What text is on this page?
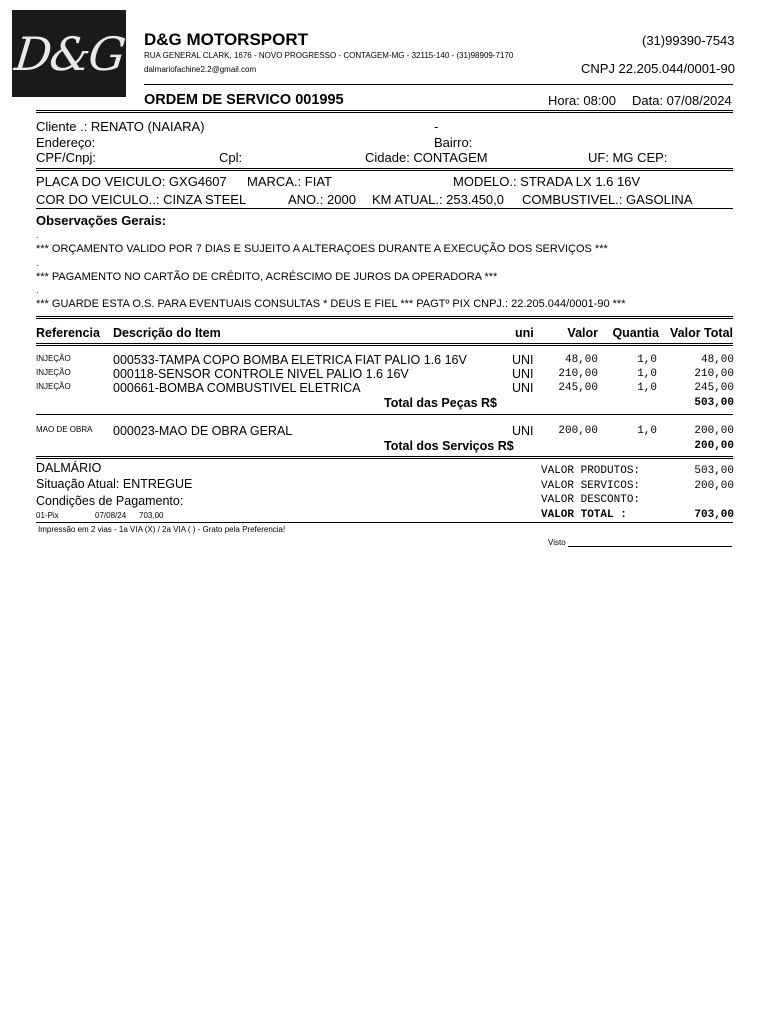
D&G D&G MOTORSPORT
RUA GENERAL CLARK, 1676 - NOVO PROGRESSO - CONTAGEM-MG - 32115-140 - (31)98909-7170
dalmariofachine2.2@gmail.com
(31)99390-7543
CNPJ 22.205.044/0001-90
ORDEM DE SERVICO 001995	Hora: 08:00 Data: 07/08/2024
Cliente .: RENATO (NAIARA)	-
Endereço:	Bairro:
CPF/Cnpj:	Cpl:	Cidade: CONTAGEM	UF: MG CEP:
PLACA DO VEICULO: GXG4607 MARCA.: FIAT	MODELO.: STRADA LX 1.6 16V
COR DO VEICULO..: CINZA STEEL	ANO.: 2000 KM ATUAL.: 253.450,0 COMBUSTIVEL.: GASOLINA
Observações Gerais:
.
*** ORÇAMENTO VALIDO POR 7 DIAS E SUJEITO A ALTERAÇOES DURANTE A EXECUÇÃO DOS SERVIÇOS ***
.
*** PAGAMENTO NO CARTÃO DE CRÉDITO, ACRÉSCIMO DE JUROS DA OPERADORA ***
.
*** GUARDE ESTA O.S. PARA EVENTUAIS CONSULTAS * DEUS E FIEL *** PAGTº PIX CNPJ.: 22.205.044/0001-90 ***
Referencia Descrição do Item	uni	Valor	Quantia Valor Total
INJEÇÃO	000533-TAMPA COPO BOMBA ELETRICA FIAT PALIO 1.6 16V	UNI	48,00	1,0	48,00
INJEÇÃO	000118-SENSOR CONTROLE NIVEL PALIO 1.6 16V	UNI	210,00	1,0	210,00
INJEÇÃO	000661-BOMBA COMBUSTIVEL ELETRICA	UNI	245,00	1,0	245,00
Total das Peças R$	503,00
MAO DE OBRA 000023-MAO DE OBRA GERAL	UNI	200,00	1,0	200,00
Total dos Serviços R$	200,00
DALMÁRIO
Situação Atual: ENTREGUE
Condições de Pagamento:
01-Pix	07/08/24 703,00
VALOR PRODUTOS:	503,00
VALOR SERVICOS:	200,00
VALOR DESCONTO:
VALOR TOTAL :	703,00
Impressão em 2 vias - 1a VIA (X) / 2a VIA ( ) - Grato pela Preferencia!
Visto
